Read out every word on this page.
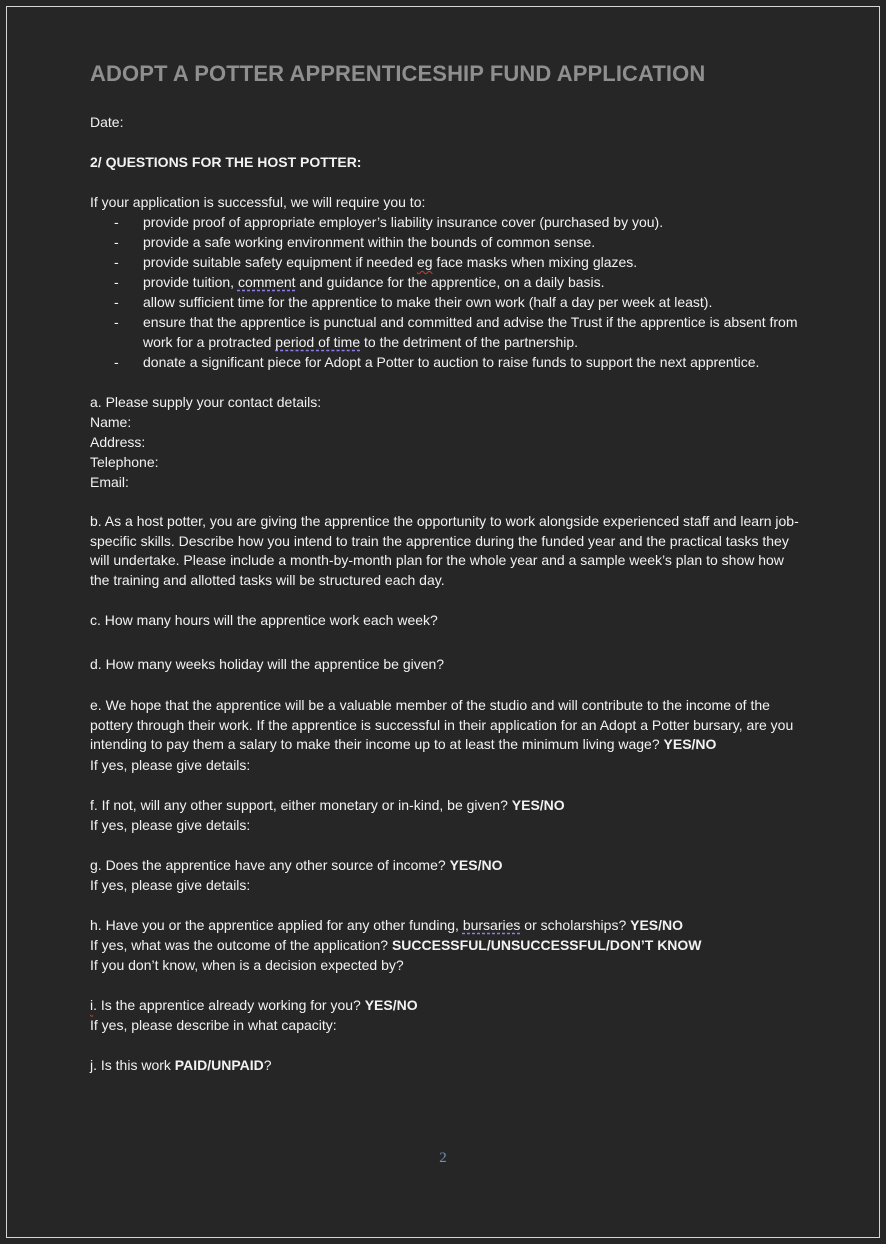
ADOPT A POTTER APPRENTICESHIP FUND APPLICATION

Date:

2/ QUESTIONS FOR THE HOST POTTER:

If your application is successful, we will require you to:

- provide proof of appropriate employer’s liability insurance cover (purchased by you).
- provide a safe working environment within the bounds of common sense.
- provide suitable safety equipment if needed eg face masks when mixing glazes.
- provide tuition, comment and guidance for the apprentice, on a daily basis.
- allow sufficient time for the apprentice to make their own work (half a day per week at least).
- ensure that the apprentice is punctual and committed and advise the Trust if the apprentice is absent from work for a protracted period of time to the detriment of the partnership.
- donate a significant piece for Adopt a Potter to auction to raise funds to support the next apprentice.

a. Please supply your contact details:

Name:

Address:

Telephone:

Email:

b. As a host potter, you are giving the apprentice the opportunity to work alongside experienced staff and learn job-specific skills. Describe how you intend to train the apprentice during the funded year and the practical tasks they will undertake. Please include a month-by-month plan for the whole year and a sample week’s plan to show how the training and allotted tasks will be structured each day.

c. How many hours will the apprentice work each week?

d. How many weeks holiday will the apprentice be given?

e. We hope that the apprentice will be a valuable member of the studio and will contribute to the income of the pottery through their work. If the apprentice is successful in their application for an Adopt a Potter bursary, are you intending to pay them a salary to make their income up to at least the minimum living wage? YES/NO

If yes, please give details:

f. If not, will any other support, either monetary or in-kind, be given? YES/NO

If yes, please give details:

g. Does the apprentice have any other source of income? YES/NO

If yes, please give details:

h. Have you or the apprentice applied for any other funding, bursaries or scholarships? YES/NO

If yes, what was the outcome of the application? SUCCESSFUL/UNSUCCESSFUL/DON’T KNOW

If you don’t know, when is a decision expected by?

i. Is the apprentice already working for you? YES/NO

If yes, please describe in what capacity:

j. Is this work PAID/UNPAID?

2
